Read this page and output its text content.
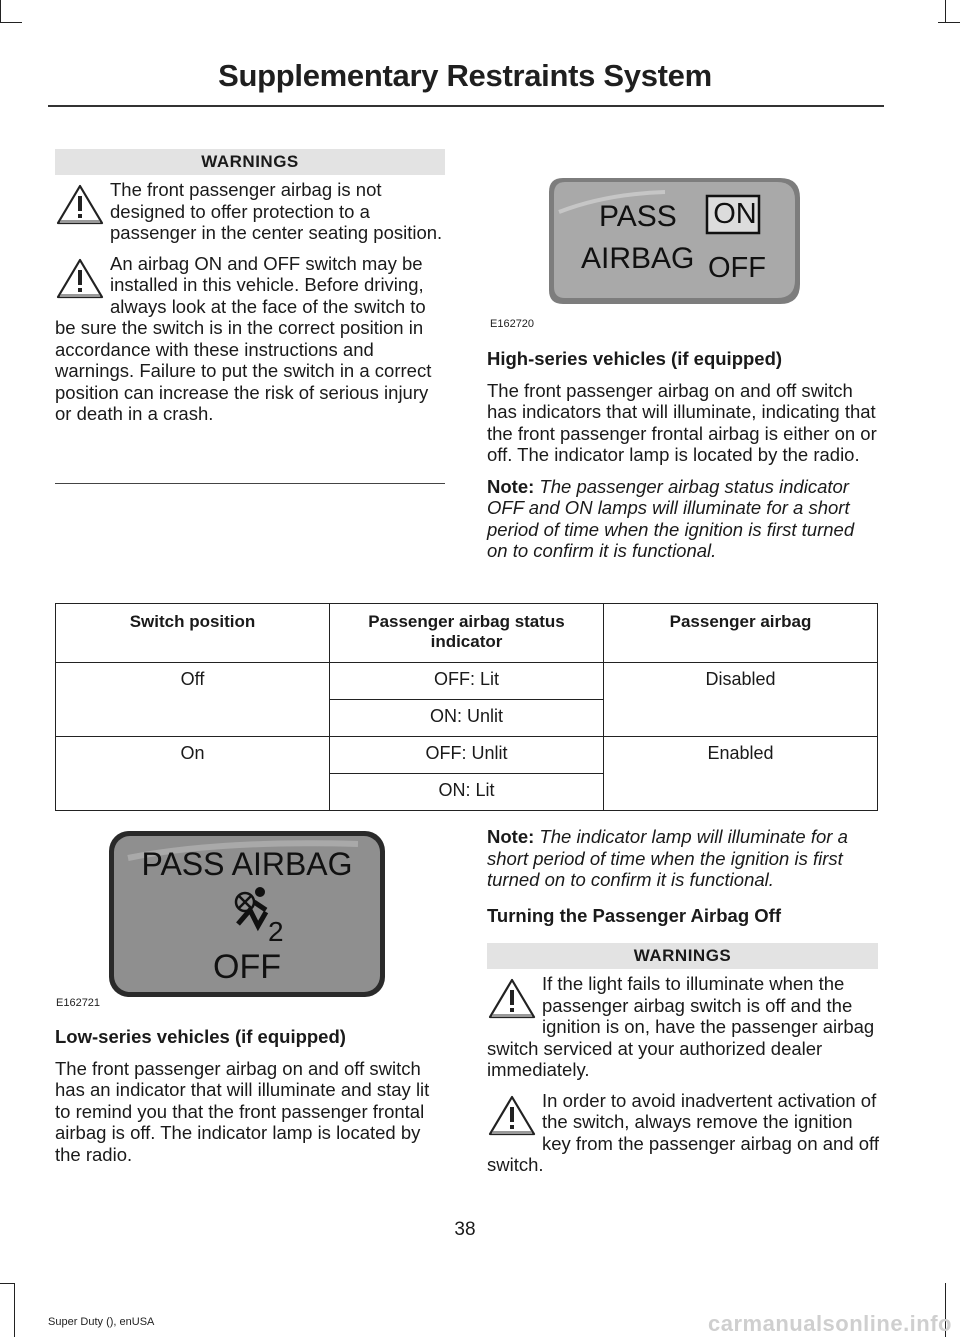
Supplementary Restraints System
WARNINGS

The front passenger airbag is not designed to offer protection to a passenger in the center seating position.

An airbag ON and OFF switch may be installed in this vehicle. Before driving, always look at the face of the switch to be sure the switch is in the correct position in accordance with these instructions and warnings. Failure to put the switch in a correct position can increase the risk of serious injury or death in a crash.

PASS
AIRBAG
ON
OFF
E162720

High-series vehicles (if equipped)

The front passenger airbag on and off switch has indicators that will illuminate, indicating that the front passenger frontal airbag is either on or off. The indicator lamp is located by the radio.

Note: The passenger airbag status indicator OFF and ON lamps will illuminate for a short period of time when the ignition is first turned on to confirm it is functional.

Switch position	Passenger airbag status indicator	Passenger airbag
Off	OFF: Lit	Disabled
	ON: Unlit	
On	OFF: Unlit	Enabled
	ON: Lit	
PASS AIRBAG
2
OFF
E162721

Low-series vehicles (if equipped)

The front passenger airbag on and off switch has an indicator that will illuminate and stay lit to remind you that the front passenger frontal airbag is off. The indicator lamp is located by the radio.

Note: The indicator lamp will illuminate for a short period of time when the ignition is first turned on to confirm it is functional.

Turning the Passenger Airbag Off

WARNINGS

If the light fails to illuminate when the passenger airbag switch is off and the ignition is on, have the passenger airbag switch serviced at your authorized dealer immediately.

In order to avoid inadvertent activation of the switch, always remove the ignition key from the passenger airbag on and off switch.

38
Super Duty (), enUSA	carmanualsonline.info
